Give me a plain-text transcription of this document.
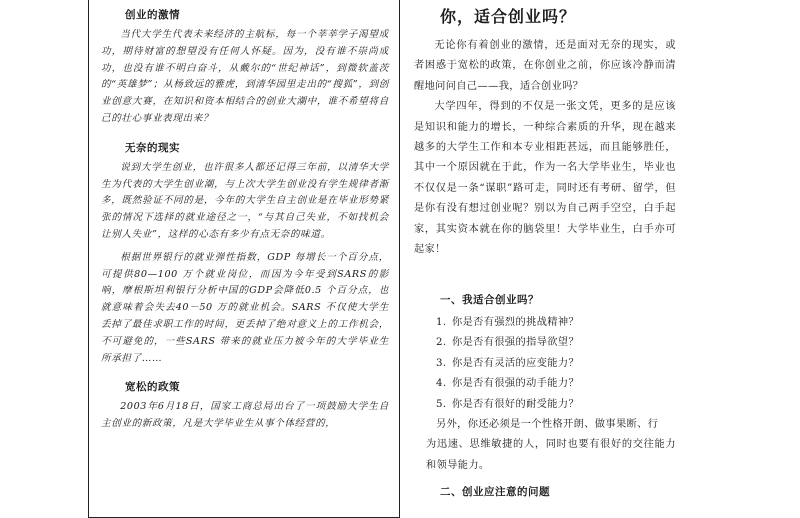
创业的激情

当代大学生代表未来经济的主航标，每一个莘莘学子渴望成功，期待财富的想望没有任何人怀疑。因为，没有谁不崇尚成功，也没有谁不明白奋斗，从戴尔的“世纪神话”，到微软盖茨的“英雄梦”；从杨致远的雅虎，到清华园里走出的“搜狐”，到创业创意大赛，在知识和资本相结合的创业大潮中，谁不希望将自己的壮心事业表现出来？

无奈的现实

说到大学生创业，也许很多人都还记得三年前，以清华大学生为代表的大学生创业潮，与上次大学生创业没有学生规律者渐多，既然验证不同的是，今年的大学生自主创业是在毕业形势紧张的情况下选择的就业途径之一，“与其自己失业，不如找机会让别人失业”，这样的心态有多少有点无奈的味道。

根据世界银行的就业弹性指数，GDP 每增长一个百分点，可提供80—100 万个就业岗位，而因为今年受到SARS的影响，摩根斯坦利银行分析中国的GDP会降低0.5 个百分点，也就意味着会失去40－50 万的就业机会。SARS 不仅使大学生丢掉了最佳求职工作的时间，更丢掉了绝对意义上的工作机会，不可避免的，一些SARS 带来的就业压力被今年的大学毕业生所承担了……

宽松的政策

2003年6月18日，国家工商总局出台了一项鼓励大学生自主创业的新政策，凡是大学毕业生从事个体经营的，

你，适合创业吗？

无论你有着创业的激情，还是面对无奈的现实，或者困惑于宽松的政策，在你创业之前，你应该冷静而清醒地问问自己——我，适合创业吗？

大学四年，得到的不仅是一张文凭，更多的是应该是知识和能力的增长，一种综合素质的升华，现在越来越多的大学生工作和本专业相距甚远，而且能够胜任，其中一个原因就在于此，作为一名大学毕业生，毕业也不仅仅是一条“谋职”路可走，同时还有考研、留学，但是你有没有想过创业呢？别以为自己两手空空，白手起家，其实资本就在你的脑袋里！大学毕业生，白手亦可起家！

一、我适合创业吗？
1. 你是否有强烈的挑战精神？
2. 你是否有很强的指导欲望？
3. 你是否有灵活的应变能力？
4. 你是否有很强的动手能力？
5. 你是否有很好的耐受能力？

另外，你还必须是一个性格开朗、做事果断、行

为迅速、思维敏捷的人，同时也要有很好的交往能力和领导能力。

二、创业应注意的问题
